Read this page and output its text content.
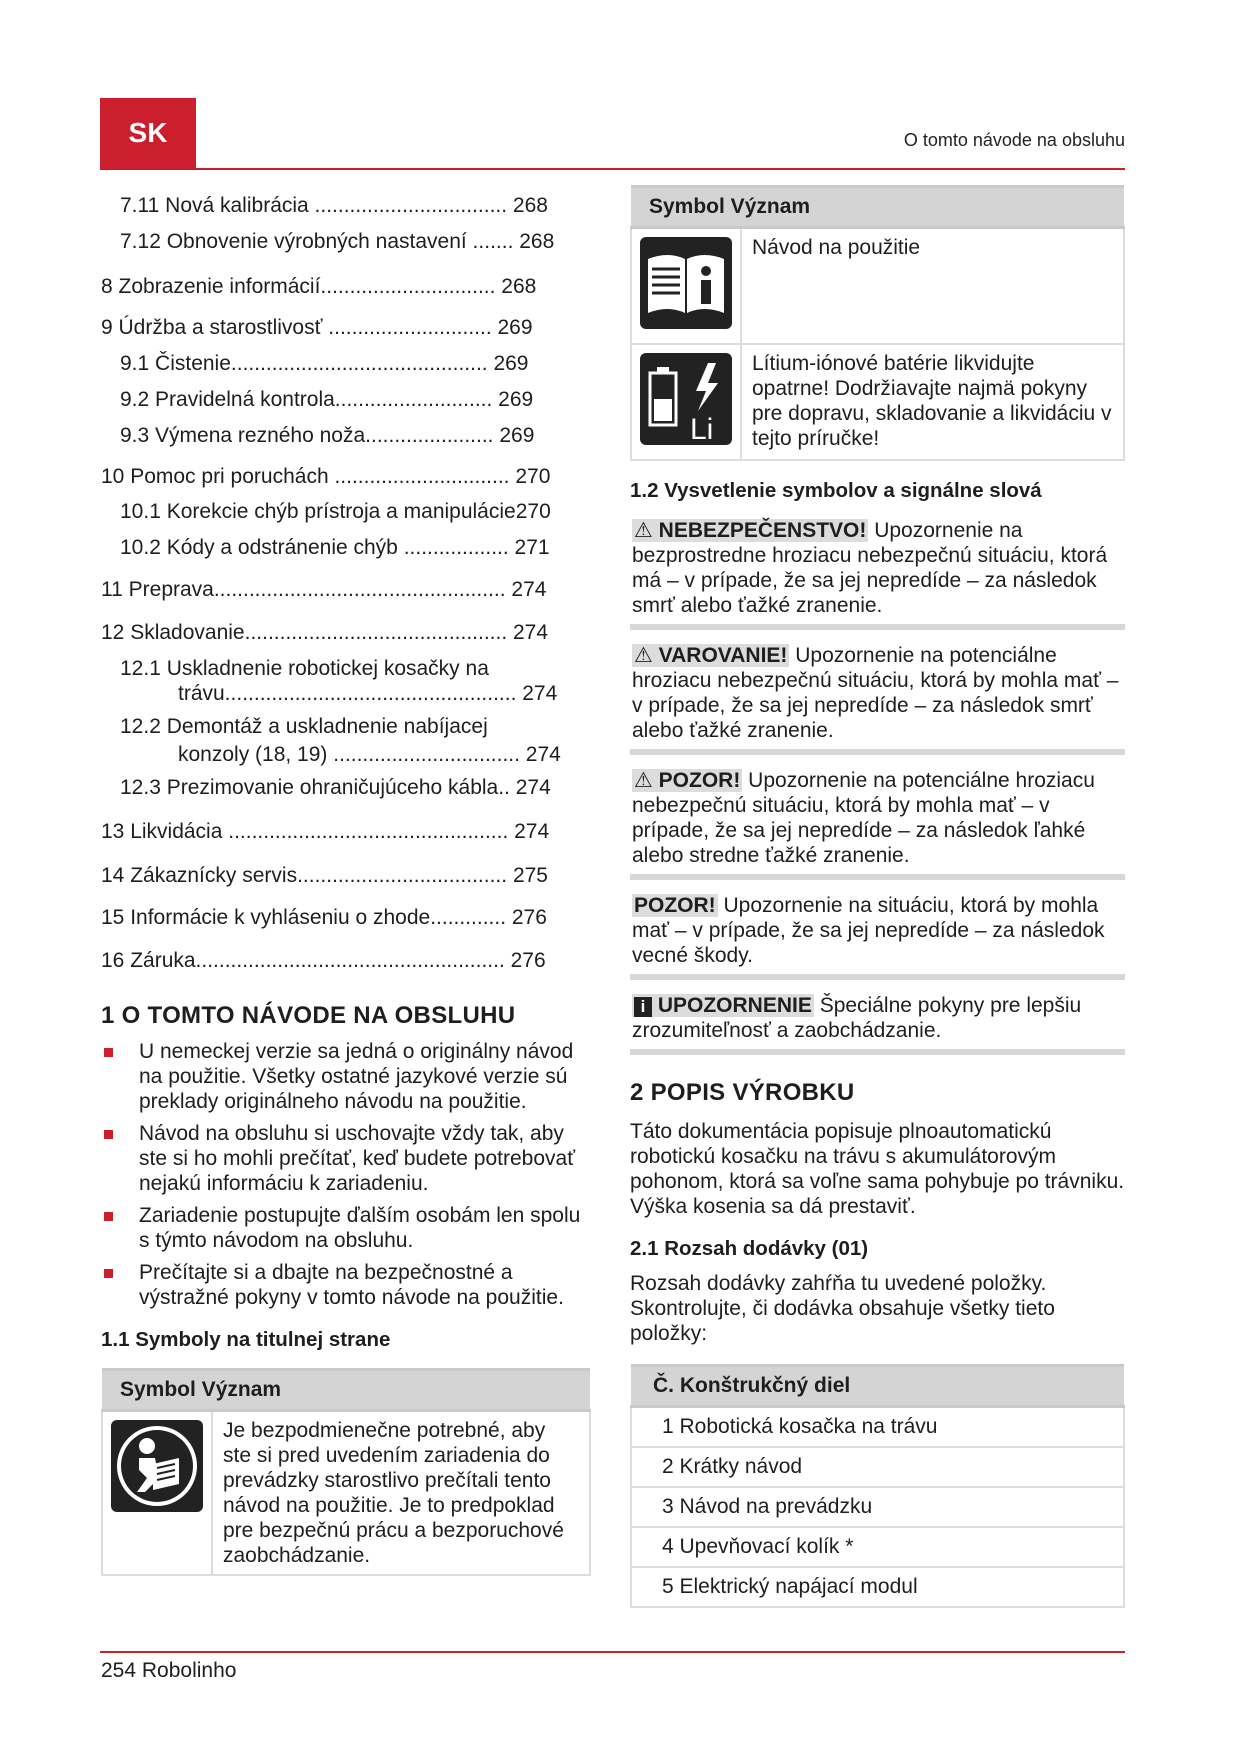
SK	O tomto návode na obsluhu
7.11 Nová kalibrácia ................................. 268
7.12 Obnovenie výrobných nastavení ....... 268
8 Zobrazenie informácií.............................. 268
9 Údržba a starostlivosť ............................ 269
9.1 Čistenie............................................ 269
9.2 Pravidelná kontrola........................... 269
9.3 Výmena rezného noža...................... 269
10 Pomoc pri poruchách .............................. 270
10.1 Korekcie chýb prístroja a manipulácie270
10.2 Kódy a odstránenie chýb .................. 271
11 Preprava.................................................. 274
12 Skladovanie............................................. 274
12.1 Uskladnenie robotickej kosačky na
trávu.................................................. 274
12.2 Demontáž a uskladnenie nabíjacej
konzoly (18, 19) ................................ 274
12.3 Prezimovanie ohraničujúceho kábla.. 274
13 Likvidácia ................................................ 274
14 Zákaznícky servis.................................... 275
15 Informácie k vyhláseniu o zhode............. 276
16 Záruka..................................................... 276
1 O TOMTO NÁVODE NA OBSLUHU
U nemeckej verzie sa jedná o originálny návod na použitie. Všetky ostatné jazykové verzie sú preklady originálneho návodu na použitie.
Návod na obsluhu si uschovajte vždy tak, aby ste si ho mohli prečítať, keď budete potrebovať nejakú informáciu k zariadeniu.
Zariadenie postupujte ďalším osobám len spolu s týmto návodom na obsluhu.
Prečítajte si a dbajte na bezpečnostné a výstražné pokyny v tomto návode na použitie.
1.1 Symboly na titulnej strane
Symbol Význam
	Je bezpodmienečne potrebné, aby ste si pred uvedením zariadenia do prevádzky starostlivo prečítali tento návod na použitie. Je to predpoklad pre bezpečnú prácu a bezporuchové zaobchádzanie.
Symbol Význam	
	Návod na použitie

Li	Lítium-iónové batérie likvidujte opatrne! Dodržiavajte najmä pokyny pre dopravu, skladovanie a likvidáciu v tejto príručke!
1.2 Vysvetlenie symbolov a signálne slová

⚠ NEBEZPEČENSTVO! Upozornenie na bezprostredne hroziacu nebezpečnú situáciu, ktorá má – v prípade, že sa jej nepredíde – za následok smrť alebo ťažké zranenie.

⚠ VAROVANIE! Upozornenie na potenciálne hroziacu nebezpečnú situáciu, ktorá by mohla mať – v prípade, že sa jej nepredíde – za následok smrť alebo ťažké zranenie.

⚠ POZOR! Upozornenie na potenciálne hroziacu nebezpečnú situáciu, ktorá by mohla mať – v prípade, že sa jej nepredíde – za následok ľahké alebo stredne ťažké zranenie.

POZOR! Upozornenie na situáciu, ktorá by mohla mať – v prípade, že sa jej nepredíde – za následok vecné škody.

i UPOZORNENIE Špeciálne pokyny pre lepšiu zrozumiteľnosť a zaobchádzanie.

2 POPIS VÝROBKU

Táto dokumentácia popisuje plnoautomatickú robotickú kosačku na trávu s akumulátorovým pohonom, ktorá sa voľne sama pohybuje po trávniku. Výška kosenia sa dá prestaviť.

2.1 Rozsah dodávky (01)

Rozsah dodávky zahŕňa tu uvedené položky. Skontrolujte, či dodávka obsahuje všetky tieto položky:

Č. Konštrukčný diel
1 Robotická kosačka na trávu
2 Krátky návod
3 Návod na prevádzku
4 Upevňovací kolík *
5 Elektrický napájací modul
254 Robolinho
